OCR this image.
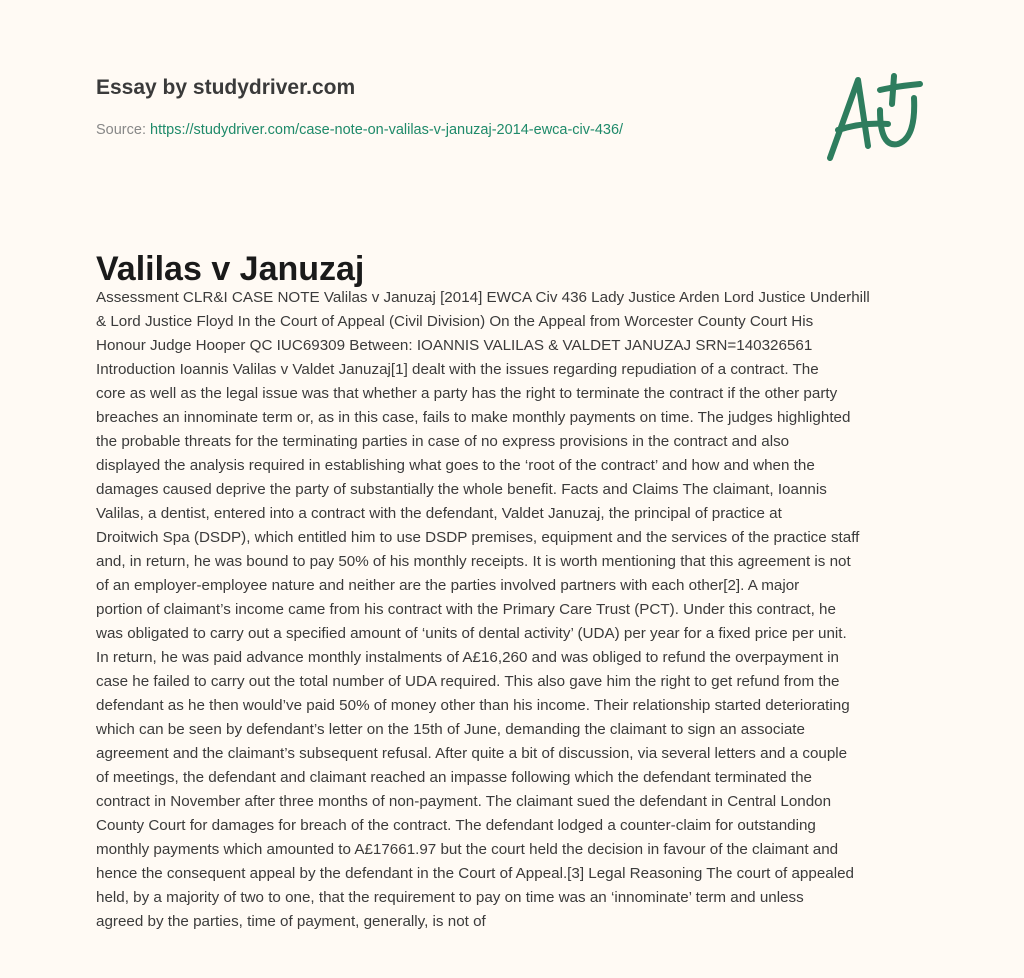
Essay by studydriver.com
Source: https://studydriver.com/case-note-on-valilas-v-januzaj-2014-ewca-civ-436/
Valilas v Januzaj
Assessment CLR&I CASE NOTE Valilas v Januzaj [2014] EWCA Civ 436 Lady Justice Arden Lord Justice Underhill
& Lord Justice Floyd In the Court of Appeal (Civil Division) On the Appeal from Worcester County Court His
Honour Judge Hooper QC IUC69309 Between: IOANNIS VALILAS & VALDET JANUZAJ SRN=140326561
Introduction Ioannis Valilas v Valdet Januzaj[1] dealt with the issues regarding repudiation of a contract. The
core as well as the legal issue was that whether a party has the right to terminate the contract if the other party
breaches an innominate term or, as in this case, fails to make monthly payments on time. The judges highlighted
the probable threats for the terminating parties in case of no express provisions in the contract and also
displayed the analysis required in establishing what goes to the ‘root of the contract’ and how and when the
damages caused deprive the party of substantially the whole benefit. Facts and Claims The claimant, Ioannis
Valilas, a dentist, entered into a contract with the defendant, Valdet Januzaj, the principal of practice at
Droitwich Spa (DSDP), which entitled him to use DSDP premises, equipment and the services of the practice staff
and, in return, he was bound to pay 50% of his monthly receipts. It is worth mentioning that this agreement is not
of an employer-employee nature and neither are the parties involved partners with each other[2]. A major
portion of claimant’s income came from his contract with the Primary Care Trust (PCT). Under this contract, he
was obligated to carry out a specified amount of ‘units of dental activity’ (UDA) per year for a fixed price per unit.
In return, he was paid advance monthly instalments of A£16,260 and was obliged to refund the overpayment in
case he failed to carry out the total number of UDA required. This also gave him the right to get refund from the
defendant as he then would’ve paid 50% of money other than his income. Their relationship started deteriorating
which can be seen by defendant’s letter on the 15th of June, demanding the claimant to sign an associate
agreement and the claimant’s subsequent refusal. After quite a bit of discussion, via several letters and a couple
of meetings, the defendant and claimant reached an impasse following which the defendant terminated the
contract in November after three months of non-payment. The claimant sued the defendant in Central London
County Court for damages for breach of the contract. The defendant lodged a counter-claim for outstanding
monthly payments which amounted to A£17661.97 but the court held the decision in favour of the claimant and
hence the consequent appeal by the defendant in the Court of Appeal.[3] Legal Reasoning The court of appealed
held, by a majority of two to one, that the requirement to pay on time was an ‘innominate’ term and unless
agreed by the parties, time of payment, generally, is not of
